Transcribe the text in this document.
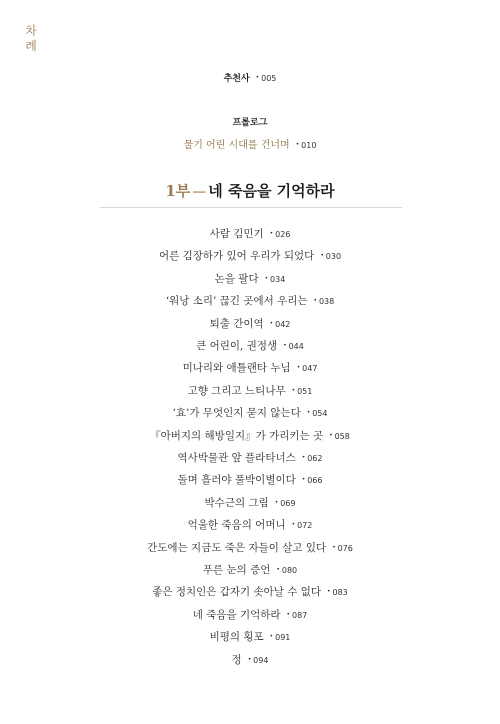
차
례
추천사 • 005
프롤로그
물기 어린 시대를 건너며 • 010
1부 — 네 죽음을 기억하라
사람 김민기 • 026
어른 김장하가 있어 우리가 되었다 • 030
논을 팔다 • 034
‘워낭 소리’ 끊긴 곳에서 우리는 • 038
퇴출 간이역 • 042
큰 어린이, 권정생 • 044
미나리와 애틀랜타 누님 • 047
고향 그리고 느티나무 • 051
‘효’가 무엇인지 묻지 않는다 • 054
『아버지의 해방일지』가 가리키는 곳 • 058
역사박물관 앞 플라타너스 • 062
돌며 흘러야 풀박이별이다 • 066
박수근의 그림 • 069
억울한 죽음의 어머니 • 072
간도에는 지금도 죽은 자들이 살고 있다 • 076
푸른 눈의 증언 • 080
좋은 정치인은 갑자기 솟아날 수 없다 • 083
네 죽음을 기억하라 • 087
비평의 횡포 • 091
정 • 094
